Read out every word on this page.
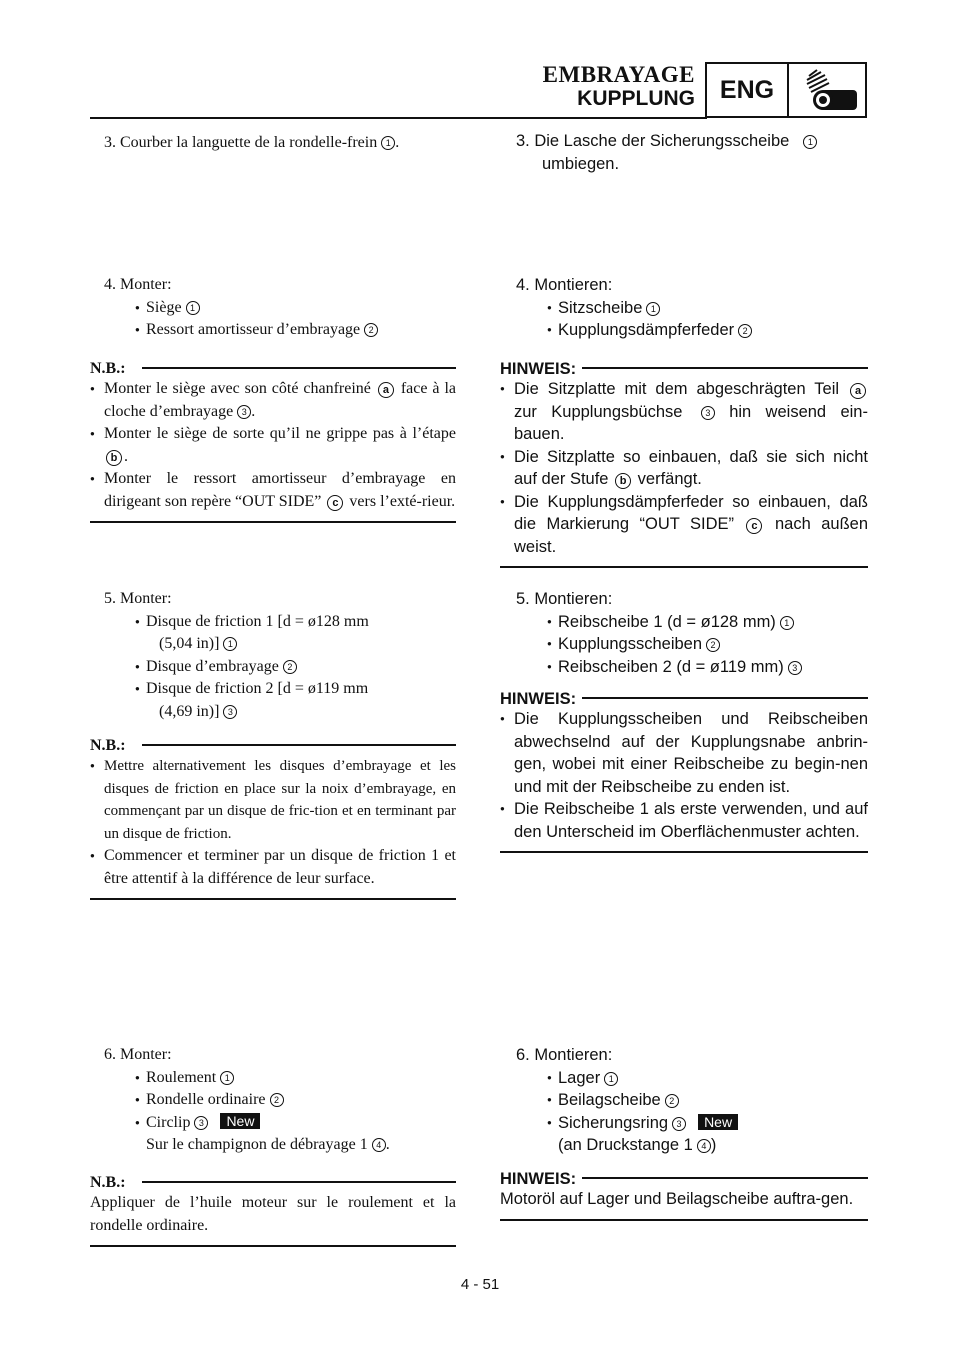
EMBRAYAGE
KUPPLUNG ENG
3. Courber la languette de la rondelle-frein 1 .
4. Monter:
● Siège 1
● Ressort amortisseur d’embrayage 2
N.B.:
● Monter le siège avec son côté chanfreiné a face à la cloche d’embrayage 3 .
● Monter le siège de sorte qu’il ne grippe pas à l’étape b .
● Monter le ressort amortisseur d’embrayage en dirigeant son repère “OUT SIDE” c vers l’exté-rieur.
5. Monter:
● Disque de friction 1 [d = ø128 mm
(5,04 in)] 1
● Disque d’embrayage 2
● Disque de friction 2 [d = ø119 mm
(4,69 in)] 3
N.B.:
● Mettre alternativement les disques d’embrayage et les disques de friction en place sur la noix d’embrayage, en commençant par un disque de fric-tion et en terminant par un disque de friction.
● Commencer et terminer par un disque de friction 1 et être attentif à la différence de leur surface.
6. Monter:
● Roulement 1
● Rondelle ordinaire 2
● Circlip 3 New
Sur le champignon de débrayage 1 4 .
N.B.:
Appliquer de l’huile moteur sur le roulement et la rondelle ordinaire.
3. Die Lasche der Sicherungsscheibe 1
umbiegen.
4. Montieren:
● Sitzscheibe 1
● Kupplungsdämpferfeder 2
HINWEIS:
● Die Sitzplatte mit dem abgeschrägten Teil a zur Kupplungsbüchse	3 hin weisend ein-bauen.
● Die Sitzplatte so einbauen, daß sie sich nicht auf der Stufe b verfängt.
● Die Kupplungsdämpferfeder so einbauen, daß die Markierung “OUT SIDE” c nach außen weist.
5. Montieren:
● Reibscheibe 1 (d = ø128 mm) 1
● Kupplungsscheiben 2
● Reibscheiben 2 (d = ø119 mm) 3
HINWEIS:
● Die Kupplungsscheiben und Reibscheiben abwechselnd auf der Kupplungsnabe anbrin-gen, wobei mit einer Reibscheibe zu begin-nen und mit der Reibscheibe zu enden ist.
● Die Reibscheibe 1 als erste verwenden, und auf den Unterscheid im Oberflächenmuster achten.
6. Montieren:
● Lager 1
● Beilagscheibe 2
● Sicherungsring 3 New
(an Druckstange 1 4 )
HINWEIS:
Motoröl auf Lager und Beilagscheibe auftra-gen.
4 - 51
